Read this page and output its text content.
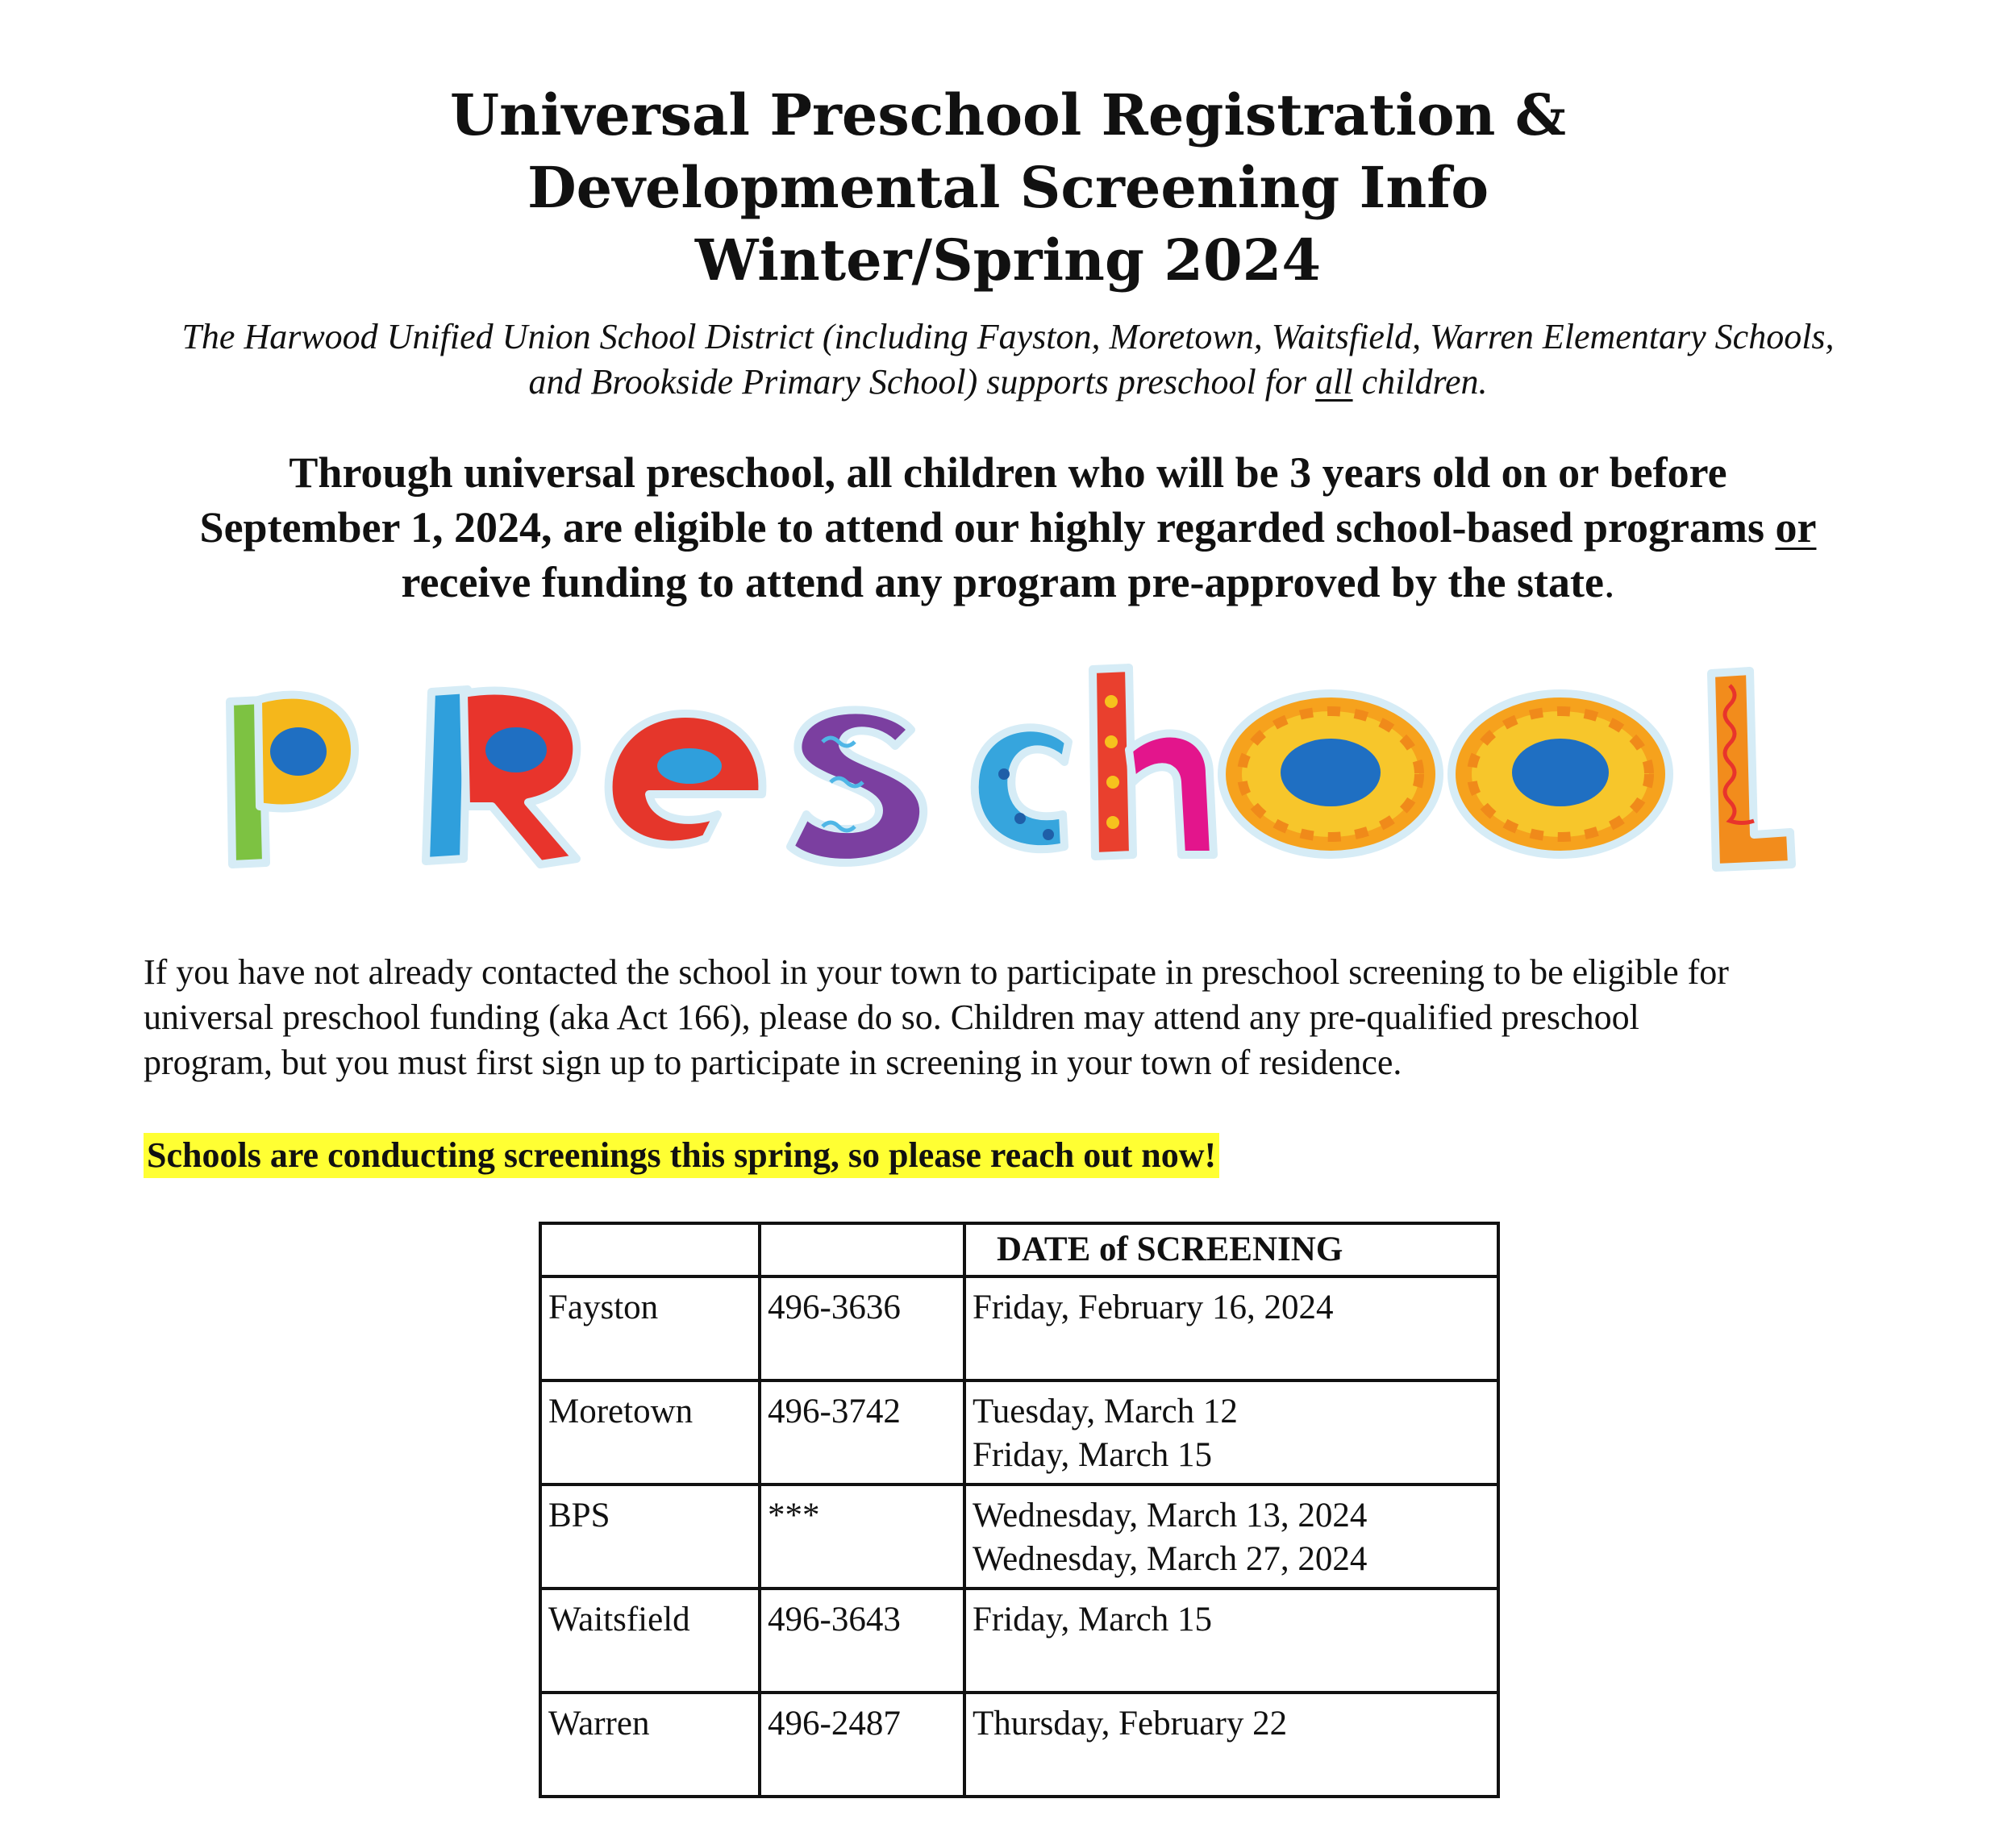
Universal Preschool Registration &
Developmental Screening Info
Winter/Spring 2024
The Harwood Unified Union School District (including Fayston, Moretown, Waitsfield, Warren Elementary Schools,
and Brookside Primary School) supports preschool for all children.
Through universal preschool, all children who will be 3 years old on or before
September 1, 2024, are eligible to attend our highly regarded school-based programs or
receive funding to attend any program pre-approved by the state.
If you have not already contacted the school in your town to participate in preschool screening to be eligible for
universal preschool funding (aka Act 166), please do so. Children may attend any pre-qualified preschool
program, but you must first sign up to participate in screening in your town of residence.
Schools are conducting screenings this spring, so please reach out now!
		DATE of SCREENING
Fayston	496-3636	Friday, February 16, 2024

Moretown	496-3742	Tuesday, March 12
Friday, March 15

BPS	***	Wednesday, March 13, 2024
Wednesday, March 27, 2024

Waitsfield	496-3643	Friday, March 15

Warren	496-2487	Thursday, February 22
